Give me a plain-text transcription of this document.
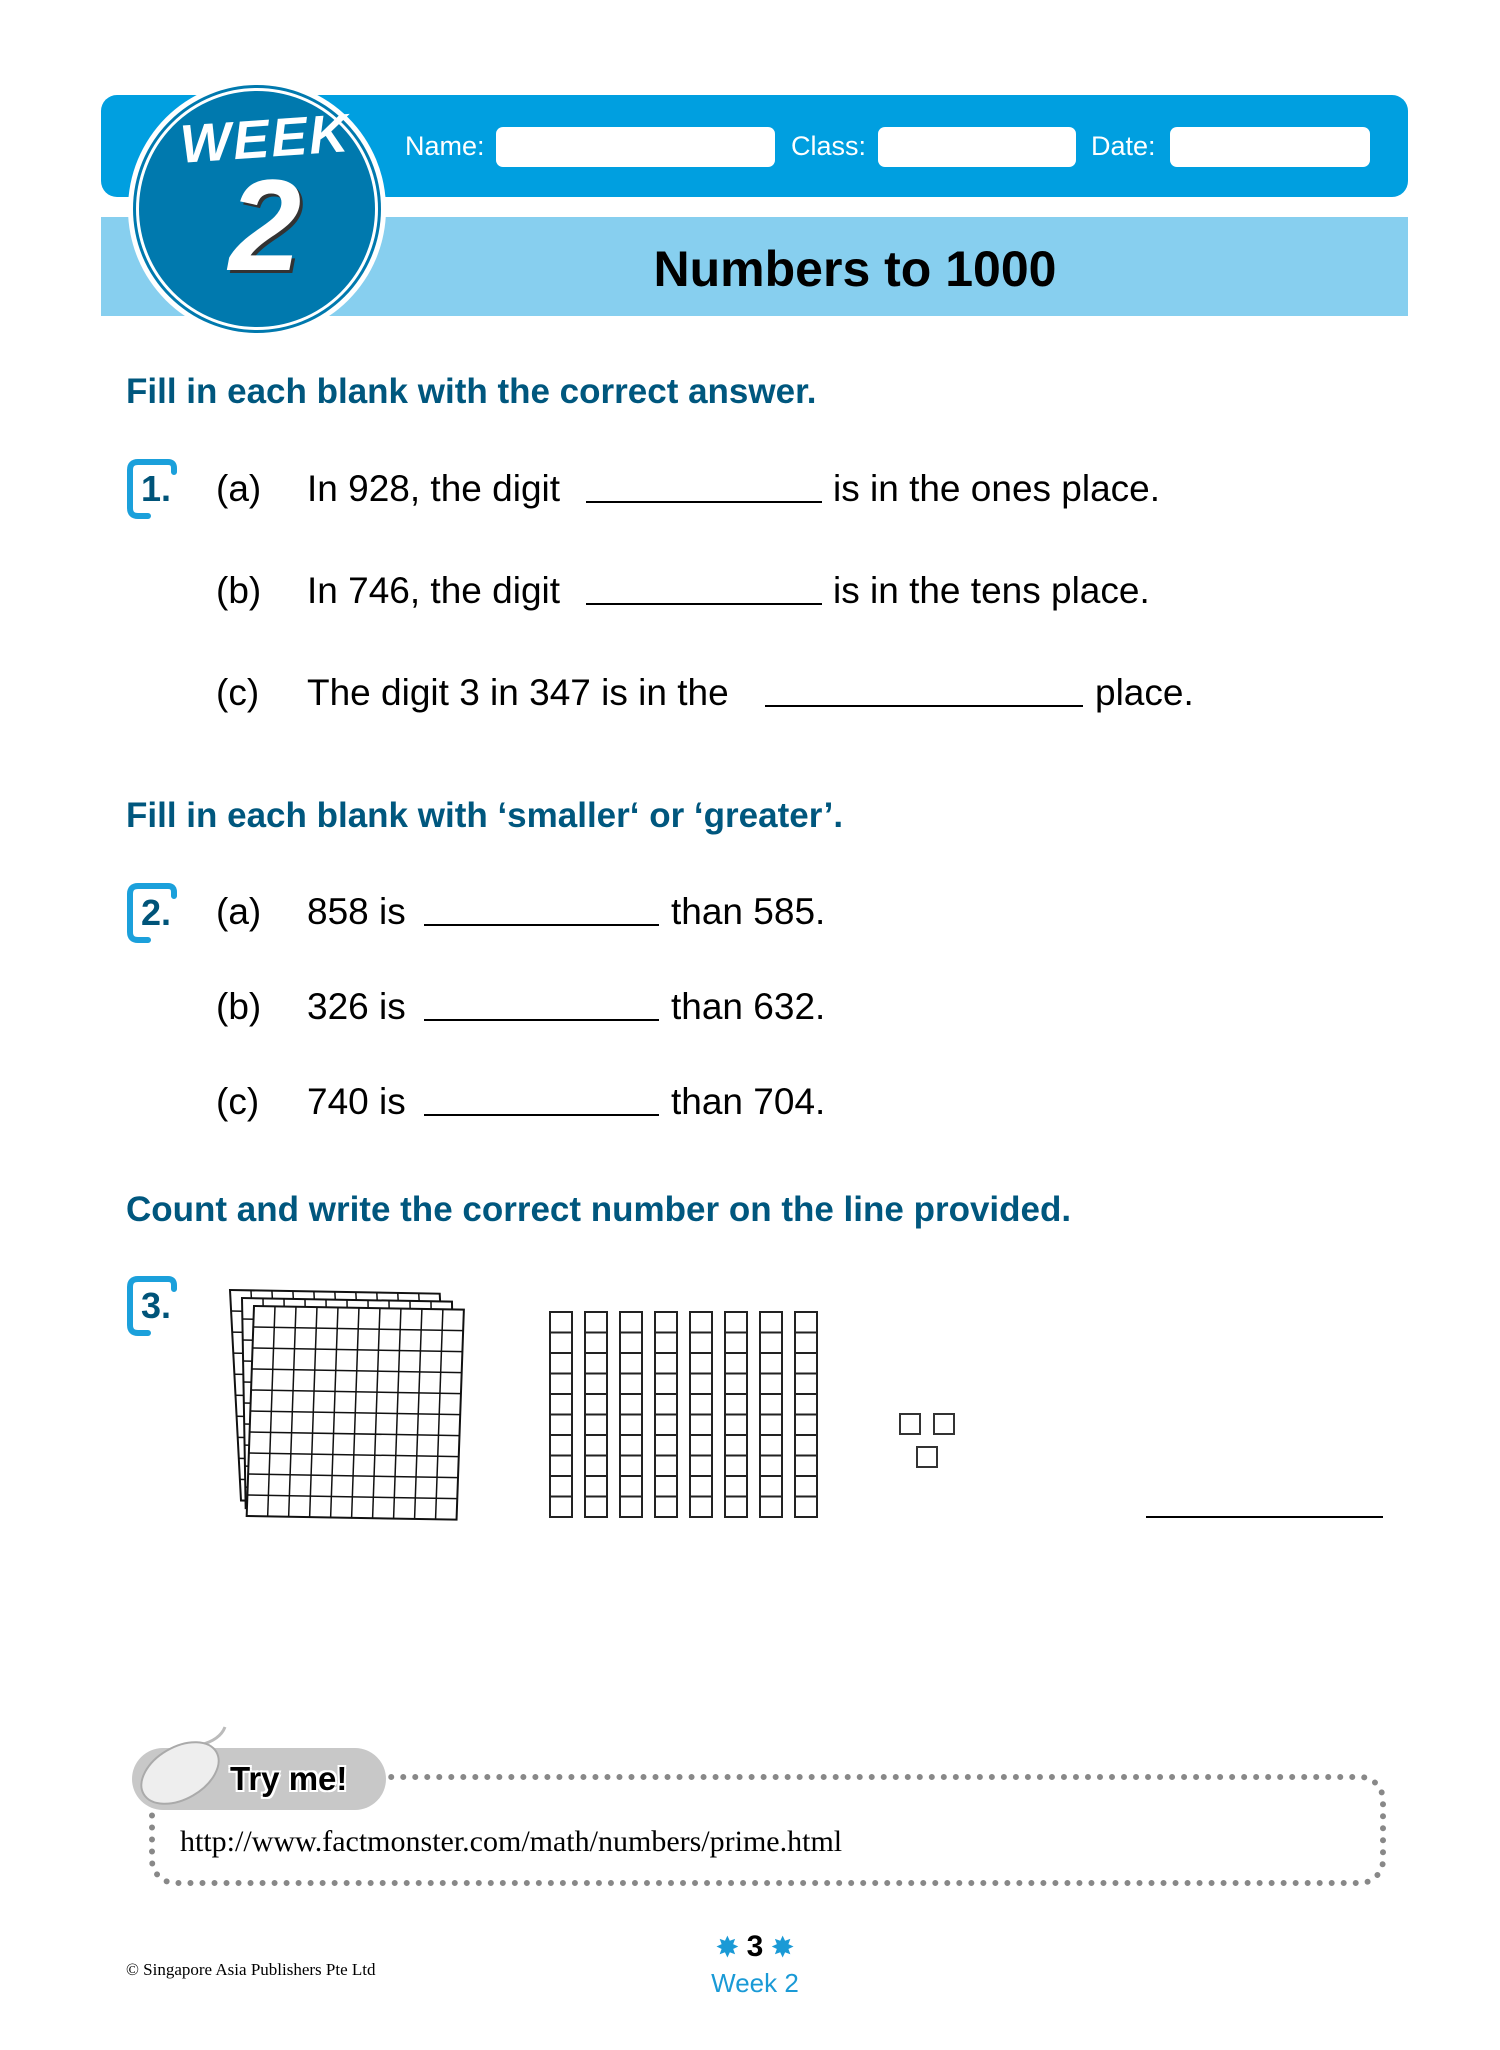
WEEK
2
Name:	Class:	Date:
Numbers to 1000
Fill in each blank with the correct answer.
1. (a) In 928, the digit	is in the ones place.
(b) In 746, the digit	is in the tens place.
(c) The digit 3 in 347 is in the	place.
Fill in each blank with ‘smaller‘ or ‘greater’.
2. (a) 858 is	than 585.
(b) 326 is	than 632.
(c) 740 is	than 704.
Count and write the correct number on the line provided.
3.
Try me!
http://www.factmonster.com/math/numbers/prime.html
© Singapore Asia Publishers Pte Ltd
✸ 3 ✸
Week 2
